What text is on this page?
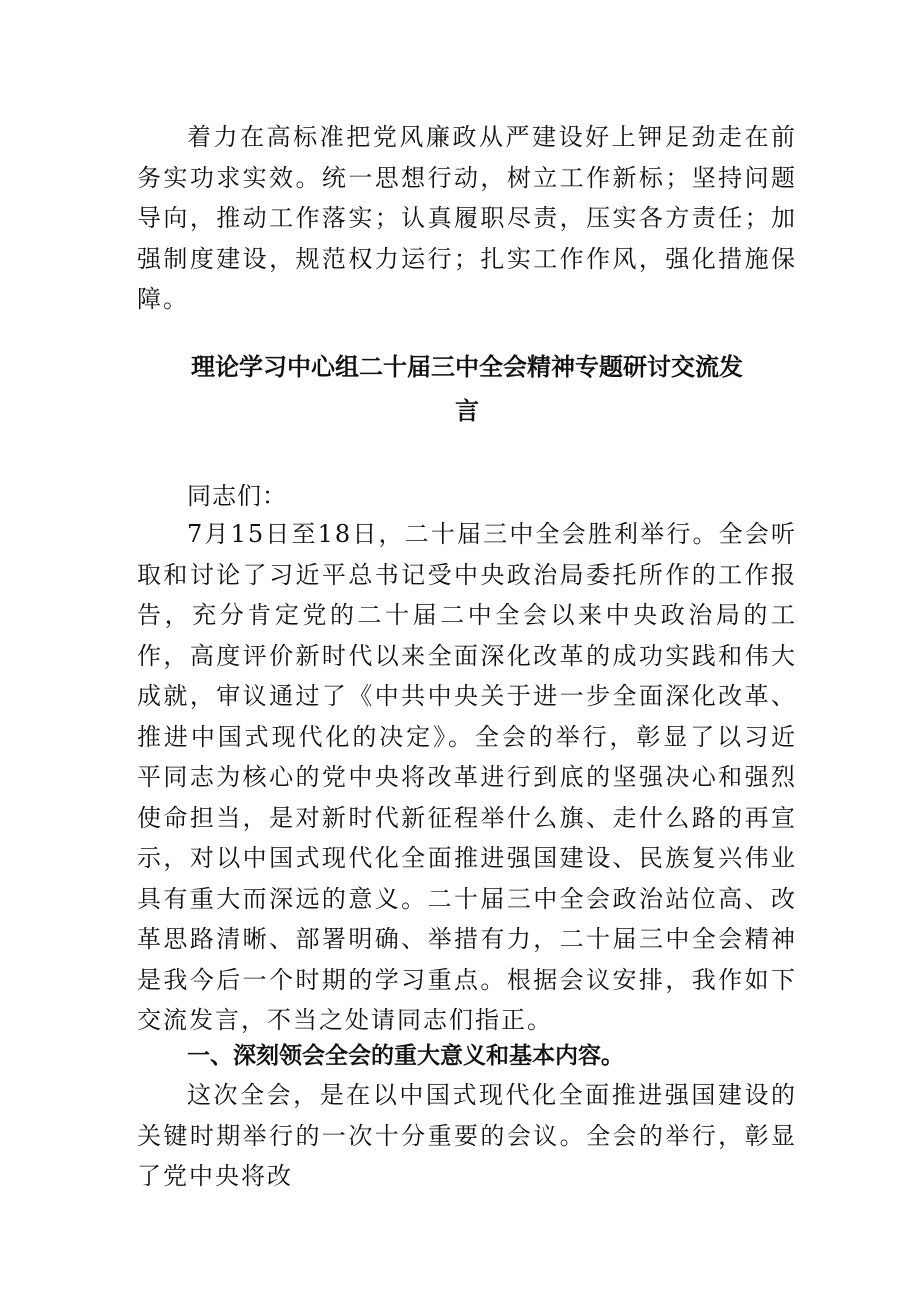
着力在高标准把党风廉政从严建设好上钾足劲走在前务实功求实效。统一思想行动，树立工作新标；坚持问题导向，推动工作落实；认真履职尽责，压实各方责任；加强制度建设，规范权力运行；扎实工作作风，强化措施保障。

理论学习中心组二十届三中全会精神专题研讨交流发
言

同志们：

7月15日至18日，二十届三中全会胜利举行。全会听取和讨论了习近平总书记受中央政治局委托所作的工作报告，充分肯定党的二十届二中全会以来中央政治局的工作，高度评价新时代以来全面深化改革的成功实践和伟大成就，审议通过了《中共中央关于进一步全面深化改革、推进中国式现代化的决定》。全会的举行，彰显了以习近平同志为核心的党中央将改革进行到底的坚强决心和强烈使命担当，是对新时代新征程举什么旗、走什么路的再宣示，对以中国式现代化全面推进强国建设、民族复兴伟业具有重大而深远的意义。二十届三中全会政治站位高、改革思路清晰、部署明确、举措有力，二十届三中全会精神是我今后一个时期的学习重点。根据会议安排，我作如下交流发言，不当之处请同志们指正。

一、深刻领会全会的重大意义和基本内容。

这次全会，是在以中国式现代化全面推进强国建设的关键时期举行的一次十分重要的会议。全会的举行，彰显了党中央将改
